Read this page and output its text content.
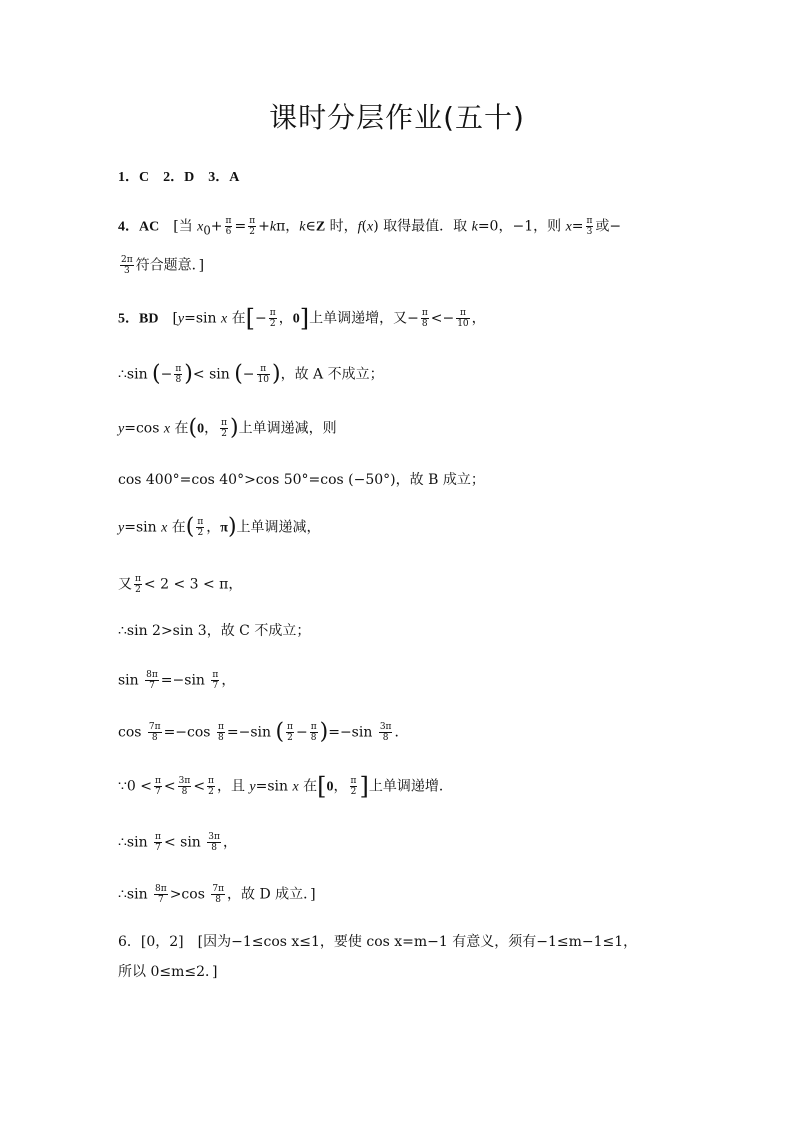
课时分层作业(五十)
1．C　2．D　3．A
4．AC　[当 $x_0+ \frac{\pi}{6} = \frac{\pi}{2} +k\pi$，k∈Z 时，f(x) 取得最值．取 k=0，−1，则 $x= \frac{\pi}{3}$ 或−
$\frac{2\pi}{3}$ 符合题意．]
5．BD　[y=sin x 在[− $\frac{\pi}{2}$ ，0]上单调递增，又− $\frac{\pi}{8} <- \frac{\pi}{10}$ ，
∴sin (− $\frac{\pi}{8}$ )< sin (− $\frac{\pi}{10}$ )，故 A 不成立；
y=cos x 在(0， $\frac{\pi}{2}$ )上单调递减，则
cos 400°=cos 40°>cos 50°=cos (−50°)，故 B 成立；
y=sin x 在( $\frac{\pi}{2}$ ，π)上单调递减，
又 $\frac{\pi}{2} < 2 < 3 < \pi$，
∴sin 2>sin 3，故 C 不成立；
$\sin \frac{8\pi}{7} =-\sin \frac{\pi}{7}$ ，
$\cos \frac{7\pi}{8} =-\cos \frac{\pi}{8} =-\sin$ ( $\frac{\pi}{2} - \frac{\pi}{8} )=-\sin \frac{3\pi}{8}$ ．
∵0 < $\frac{\pi}{7} < \frac{3\pi}{8} < \frac{\pi}{2}$ ，且 y=sin x 在[0， $\frac{\pi}{2}$ ]上单调递增．
∴sin $\frac{\pi}{7} < \sin \frac{3\pi}{8}$ ，
∴sin $\frac{8\pi}{7} >\cos \frac{7\pi}{8}$ ，故 D 成立．]
6．[0，2]　[因为−1≤cos x≤1，要使 cos x=m−1 有意义，须有−1≤m−1≤1，
所以 0≤m≤2．]
